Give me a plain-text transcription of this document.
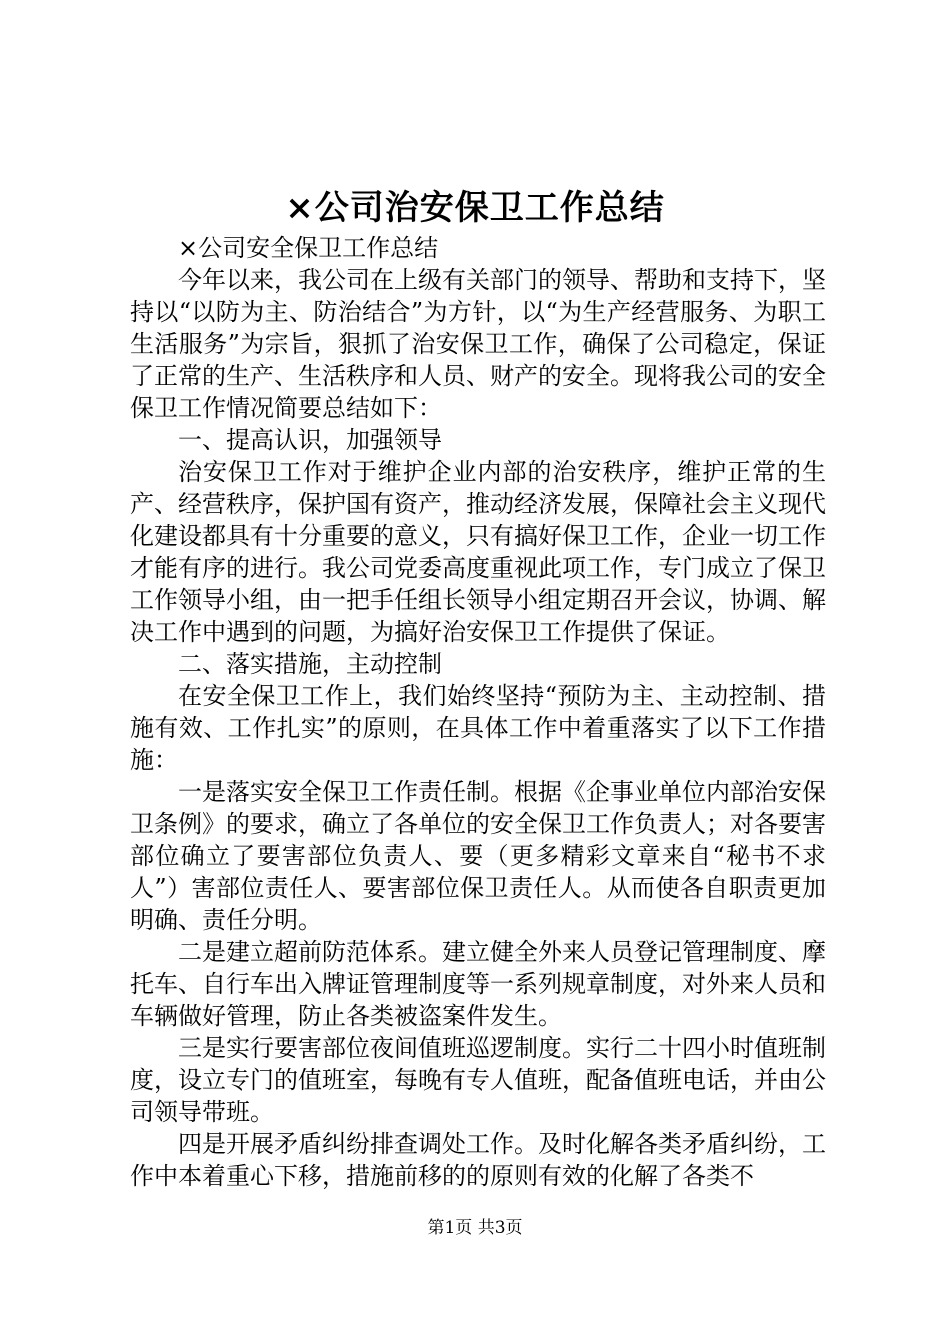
×公司治安保卫工作总结

×公司安全保卫工作总结

今年以来，我公司在上级有关部门的领导、帮助和支持下，坚持以“以防为主、防治结合”为方针，以“为生产经营服务、为职工生活服务”为宗旨，狠抓了治安保卫工作，确保了公司稳定，保证了正常的生产、生活秩序和人员、财产的安全。现将我公司的安全保卫工作情况简要总结如下：

一、提高认识，加强领导

治安保卫工作对于维护企业内部的治安秩序，维护正常的生产、经营秩序，保护国有资产，推动经济发展，保障社会主义现代化建设都具有十分重要的意义，只有搞好保卫工作，企业一切工作才能有序的进行。我公司党委高度重视此项工作，专门成立了保卫工作领导小组，由一把手任组长领导小组定期召开会议，协调、解决工作中遇到的问题，为搞好治安保卫工作提供了保证。

二、落实措施，主动控制

在安全保卫工作上，我们始终坚持“预防为主、主动控制、措施有效、工作扎实”的原则，在具体工作中着重落实了以下工作措施：

一是落实安全保卫工作责任制。根据《企事业单位内部治安保卫条例》的要求，确立了各单位的安全保卫工作负责人；对各要害部位确立了要害部位负责人、要（更多精彩文章来自“秘书不求人”）害部位责任人、要害部位保卫责任人。从而使各自职责更加明确、责任分明。

二是建立超前防范体系。建立健全外来人员登记管理制度、摩托车、自行车出入牌证管理制度等一系列规章制度，对外来人员和车辆做好管理，防止各类被盗案件发生。

三是实行要害部位夜间值班巡逻制度。实行二十四小时值班制度，设立专门的值班室，每晚有专人值班，配备值班电话，并由公司领导带班。

四是开展矛盾纠纷排查调处工作。及时化解各类矛盾纠纷，工作中本着重心下移，措施前移的的原则有效的化解了各类不

第1页 共3页
